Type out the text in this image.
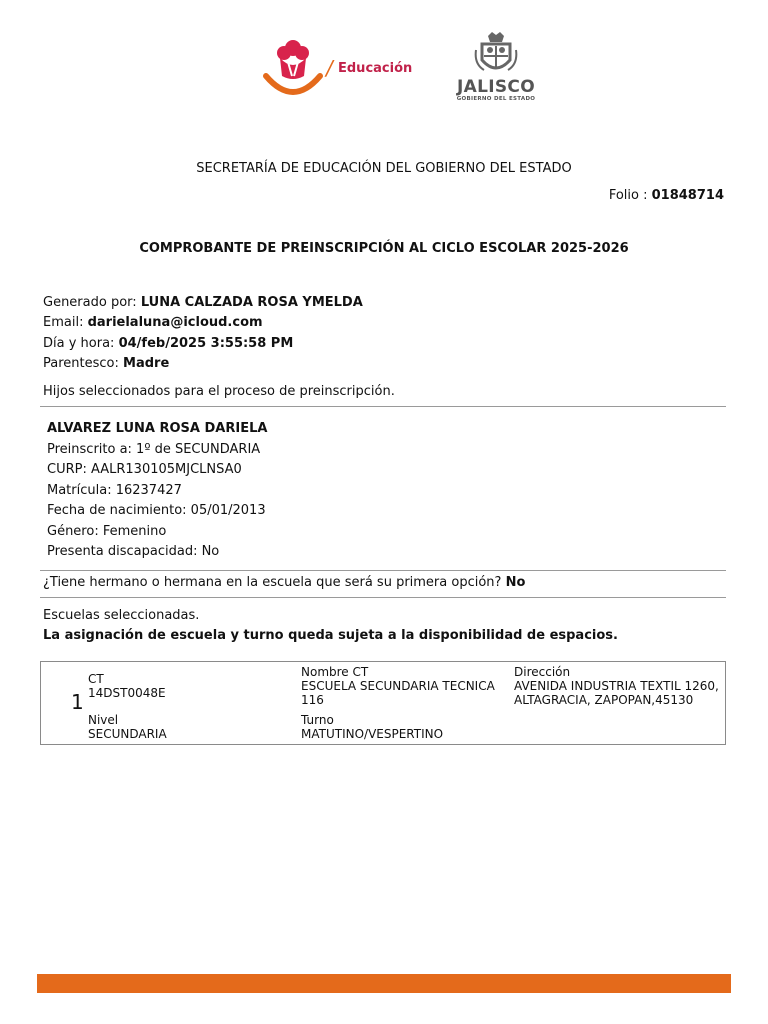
/ Educación
JALISCO
GOBIERNO DEL ESTADO
SECRETARÍA DE EDUCACIÓN DEL GOBIERNO DEL ESTADO
Folio : 01848714
COMPROBANTE DE PREINSCRIPCIÓN AL CICLO ESCOLAR 2025-2026
Generado por: LUNA CALZADA ROSA YMELDA
Email: darielaluna@icloud.com
Día y hora: 04/feb/2025 3:55:58 PM
Parentesco: Madre
Hijos seleccionados para el proceso de preinscripción.
ALVAREZ LUNA ROSA DARIELA
Preinscrito a: 1º de SECUNDARIA
CURP: AALR130105MJCLNSA0
Matrícula: 16237427
Fecha de nacimiento: 05/01/2013
Género: Femenino
Presenta discapacidad: No
¿Tiene hermano o hermana en la escuela que será su primera opción? No
Escuelas seleccionadas.
La asignación de escuela y turno queda sujeta a la disponibilidad de espacios.
1
CT
14DST0048E
Nivel
SECUNDARIA
Nombre CT
ESCUELA SECUNDARIA TECNICA
116
Turno
MATUTINO/VESPERTINO
Dirección
AVENIDA INDUSTRIA TEXTIL 1260,
ALTAGRACIA, ZAPOPAN,45130
